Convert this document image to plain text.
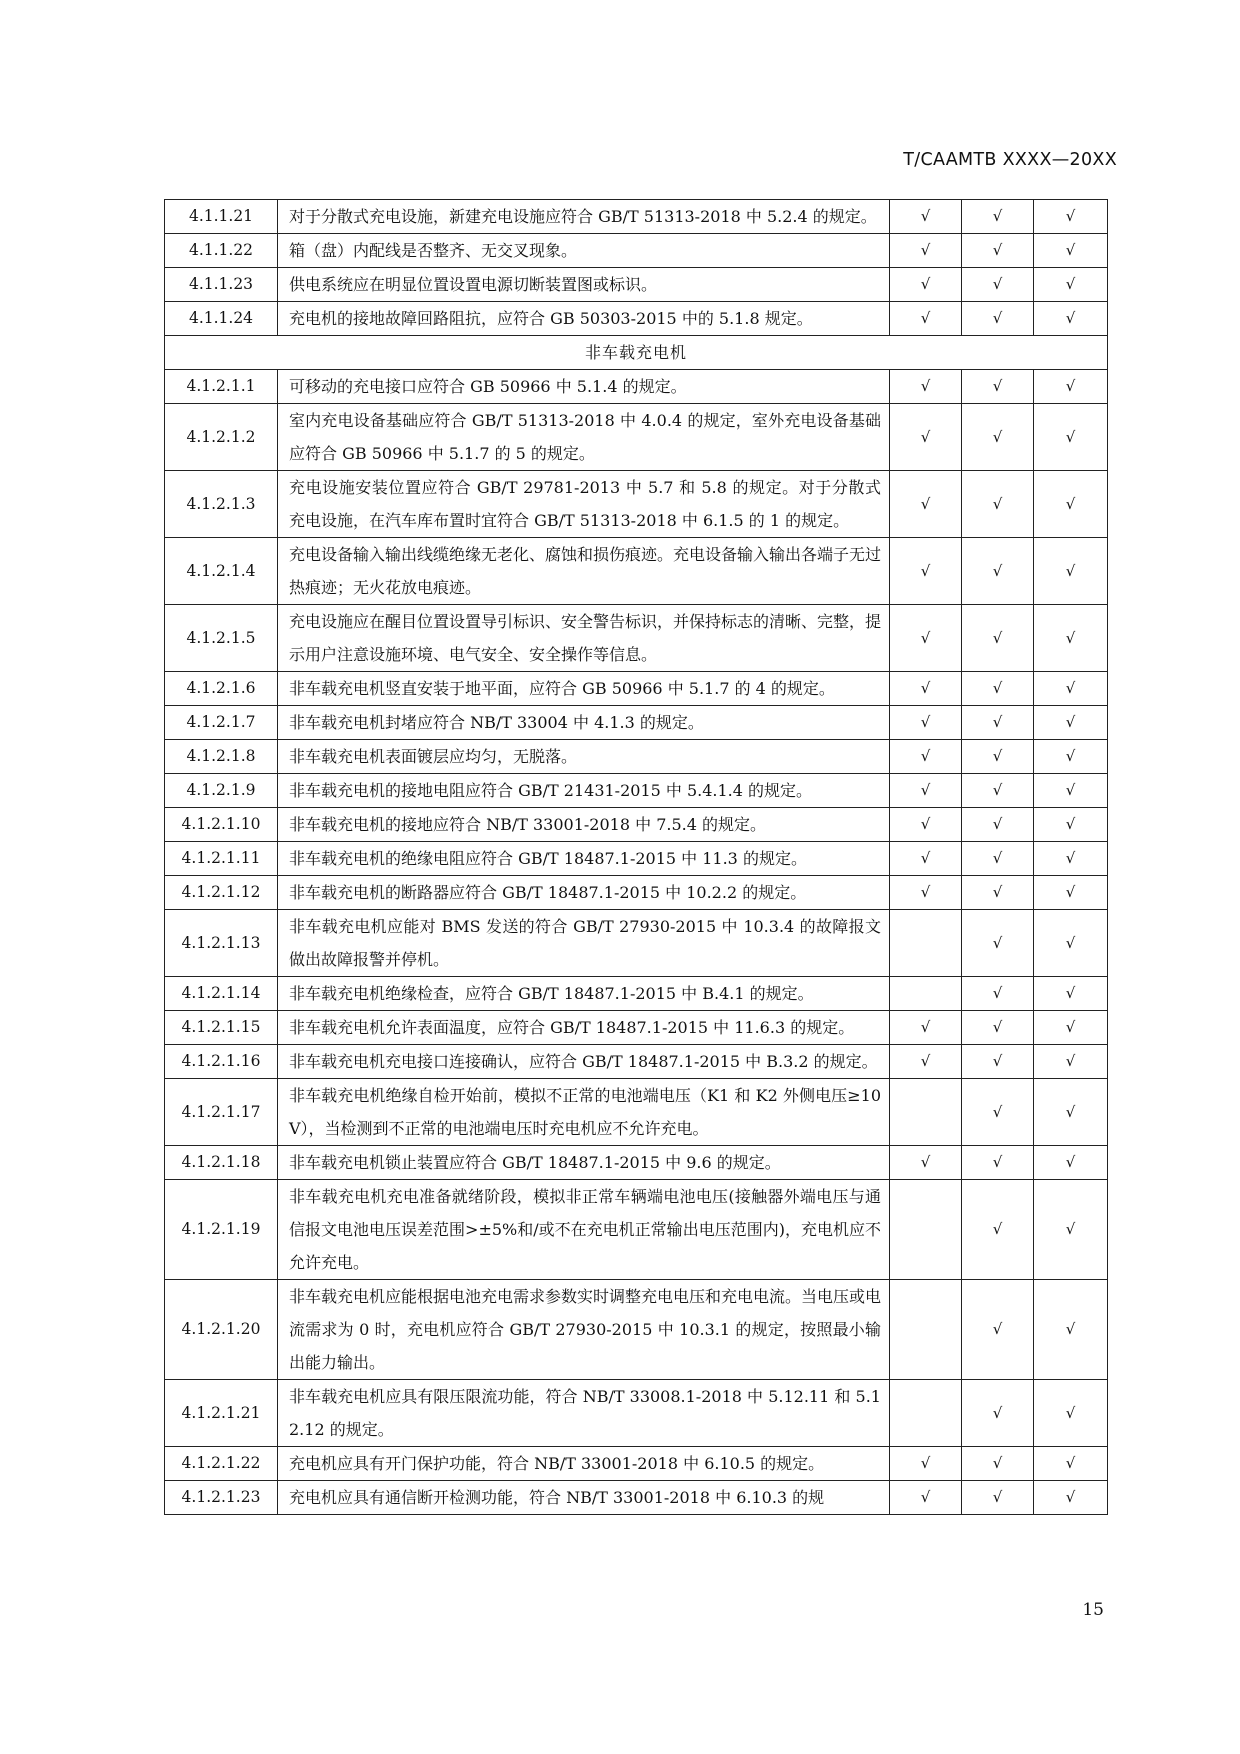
T/CAAMTB XXXX—20XX
4.1.1.21	对于分散式充电设施，新建充电设施应符合 GB/T 51313-2018 中 5.2.4 的规定。	√	√	√
4.1.1.22	箱（盘）内配线是否整齐、无交叉现象。	√	√	√
4.1.1.23	供电系统应在明显位置设置电源切断装置图或标识。	√	√	√
4.1.1.24	充电机的接地故障回路阻抗，应符合 GB 50303-2015 中的 5.1.8 规定。	√	√	√
非车载充电机				
4.1.2.1.1	可移动的充电接口应符合 GB 50966 中 5.1.4 的规定。	√	√	√
4.1.2.1.2	室内充电设备基础应符合 GB/T 51313-2018 中 4.0.4 的规定，室外充电设备基础应符合 GB 50966 中 5.1.7 的 5 的规定。	√	√	√
4.1.2.1.3	充电设施安装位置应符合 GB/T 29781-2013 中 5.7 和 5.8 的规定。对于分散式充电设施，在汽车库布置时宜符合 GB/T 51313-2018 中 6.1.5 的 1 的规定。	√	√	√
4.1.2.1.4	充电设备输入输出线缆绝缘无老化、腐蚀和损伤痕迹。充电设备输入输出各端子无过热痕迹；无火花放电痕迹。	√	√	√
4.1.2.1.5	充电设施应在醒目位置设置导引标识、安全警告标识，并保持标志的清晰、完整，提示用户注意设施环境、电气安全、安全操作等信息。	√	√	√
4.1.2.1.6	非车载充电机竖直安装于地平面，应符合 GB 50966 中 5.1.7 的 4 的规定。	√	√	√
4.1.2.1.7	非车载充电机封堵应符合 NB/T 33004 中 4.1.3 的规定。	√	√	√
4.1.2.1.8	非车载充电机表面镀层应均匀，无脱落。	√	√	√
4.1.2.1.9	非车载充电机的接地电阻应符合 GB/T 21431-2015 中 5.4.1.4 的规定。	√	√	√
4.1.2.1.10	非车载充电机的接地应符合 NB/T 33001-2018 中 7.5.4 的规定。	√	√	√
4.1.2.1.11	非车载充电机的绝缘电阻应符合 GB/T 18487.1-2015 中 11.3 的规定。	√	√	√
4.1.2.1.12	非车载充电机的断路器应符合 GB/T 18487.1-2015 中 10.2.2 的规定。	√	√	√
4.1.2.1.13	非车载充电机应能对 BMS 发送的符合 GB/T 27930-2015 中 10.3.4 的故障报文做出故障报警并停机。		√	√
4.1.2.1.14	非车载充电机绝缘检查，应符合 GB/T 18487.1-2015 中 B.4.1 的规定。		√	√
4.1.2.1.15	非车载充电机允许表面温度，应符合 GB/T 18487.1-2015 中 11.6.3 的规定。	√	√	√
4.1.2.1.16	非车载充电机充电接口连接确认，应符合 GB/T 18487.1-2015 中 B.3.2 的规定。	√	√	√
4.1.2.1.17	非车载充电机绝缘自检开始前，模拟不正常的电池端电压（K1 和 K2 外侧电压≥10V），当检测到不正常的电池端电压时充电机应不允许充电。		√	√
4.1.2.1.18	非车载充电机锁止装置应符合 GB/T 18487.1-2015 中 9.6 的规定。	√	√	√
4.1.2.1.19	非车载充电机充电准备就绪阶段，模拟非正常车辆端电池电压(接触器外端电压与通信报文电池电压误差范围>±5%和/或不在充电机正常输出电压范围内)，充电机应不允许充电。		√	√
4.1.2.1.20	非车载充电机应能根据电池充电需求参数实时调整充电电压和充电电流。当电压或电流需求为 0 时，充电机应符合 GB/T 27930-2015 中 10.3.1 的规定，按照最小输出能力输出。		√	√
4.1.2.1.21	非车载充电机应具有限压限流功能，符合 NB/T 33008.1-2018 中 5.12.11 和 5.12.12 的规定。		√	√
4.1.2.1.22	充电机应具有开门保护功能，符合 NB/T 33001-2018 中 6.10.5 的规定。	√	√	√
4.1.2.1.23	充电机应具有通信断开检测功能，符合 NB/T 33001-2018 中 6.10.3 的规	√	√	√
15
